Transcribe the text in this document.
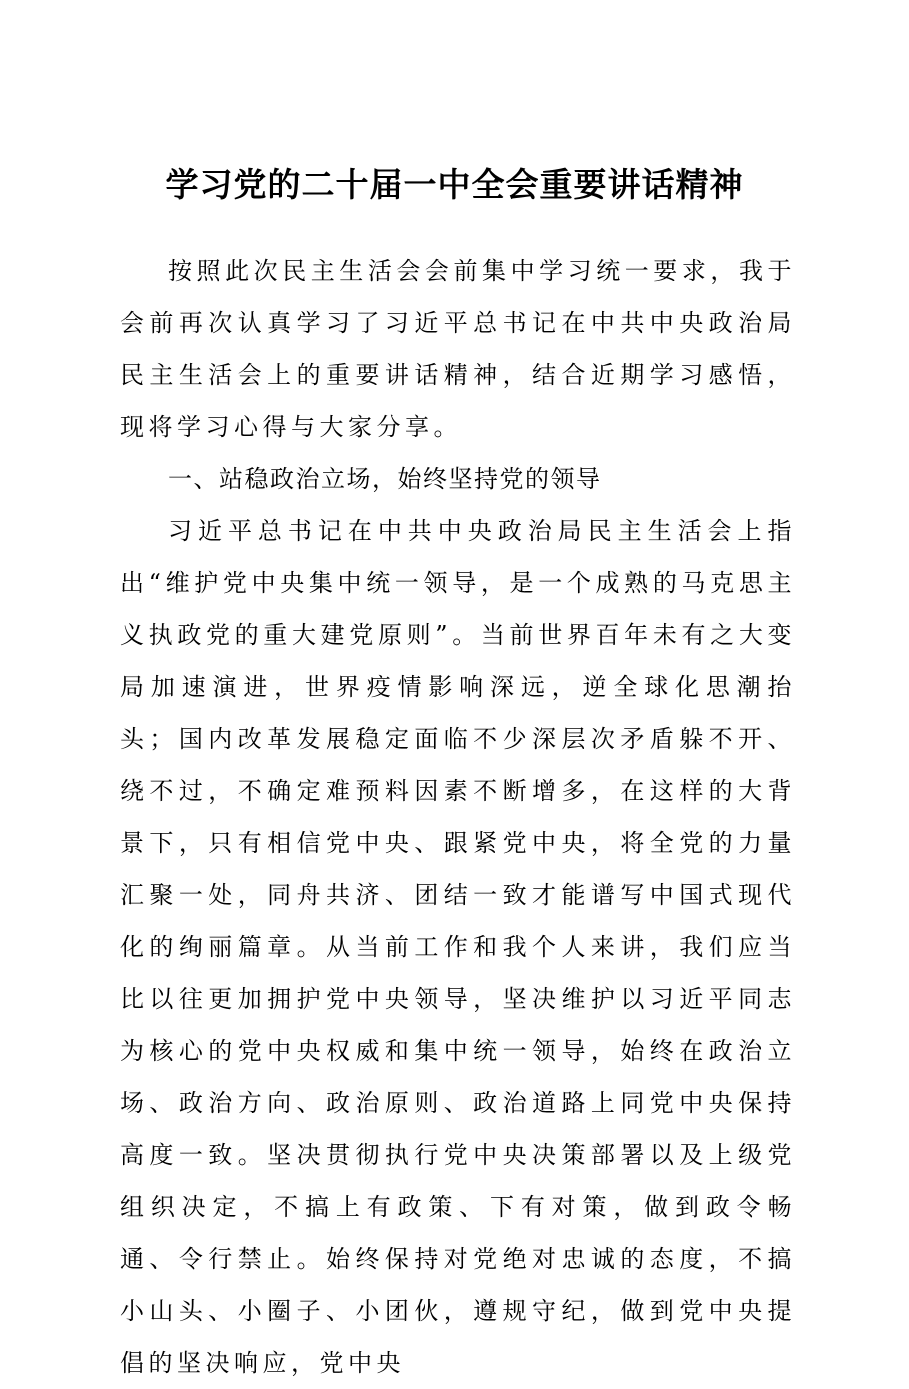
学习党的二十届一中全会重要讲话精神

按照此次民主生活会会前集中学习统一要求，我于会前再次认真学习了习近平总书记在中共中央政治局民主生活会上的重要讲话精神，结合近期学习感悟，现将学习心得与大家分享。

一、站稳政治立场，始终坚持党的领导

习近平总书记在中共中央政治局民主生活会上指出“维护党中央集中统一领导，是一个成熟的马克思主义执政党的重大建党原则”。当前世界百年未有之大变局加速演进，世界疫情影响深远，逆全球化思潮抬头；国内改革发展稳定面临不少深层次矛盾躲不开、绕不过，不确定难预料因素不断增多，在这样的大背景下，只有相信党中央、跟紧党中央，将全党的力量汇聚一处，同舟共济、团结一致才能谱写中国式现代化的绚丽篇章。从当前工作和我个人来讲，我们应当比以往更加拥护党中央领导，坚决维护以习近平同志为核心的党中央权威和集中统一领导，始终在政治立场、政治方向、政治原则、政治道路上同党中央保持高度一致。坚决贯彻执行党中央决策部署以及上级党组织决定，不搞上有政策、下有对策，做到政令畅通、令行禁止。始终保持对党绝对忠诚的态度，不搞小山头、小圈子、小团伙，遵规守纪，做到党中央提倡的坚决响应，党中央
